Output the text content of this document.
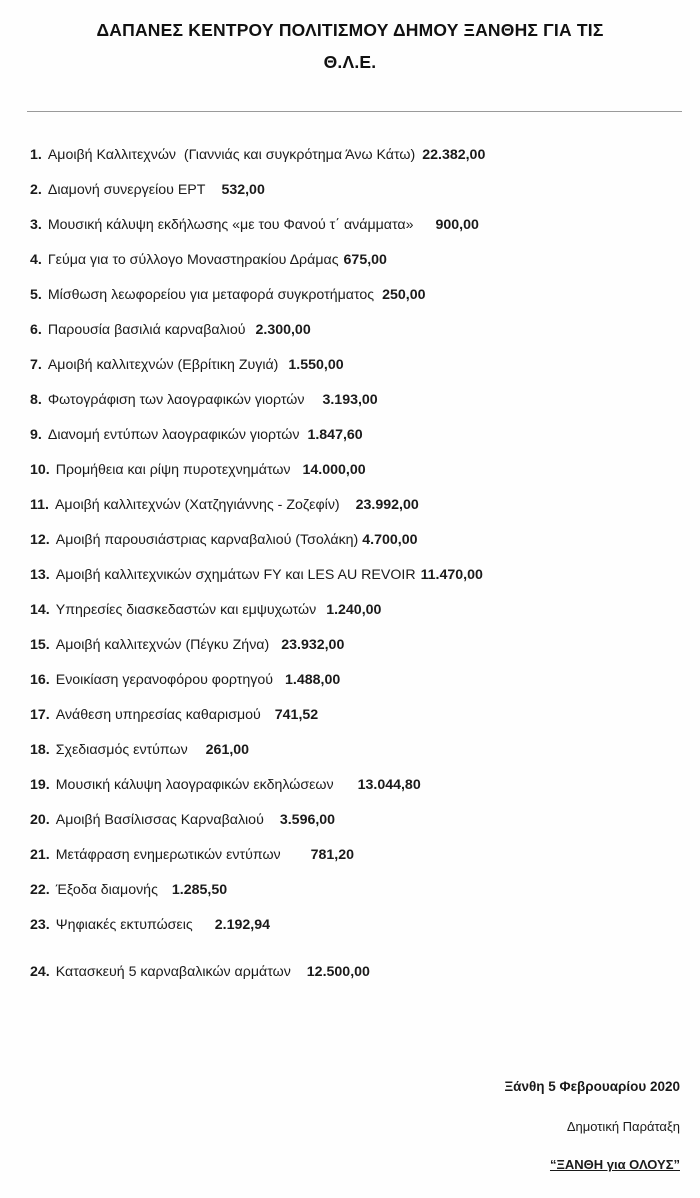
ΔΑΠΑΝΕΣ ΚΕΝΤΡΟΥ ΠΟΛΙΤΙΣΜΟΥ ΔΗΜΟΥ ΞΑΝΘΗΣ ΓΙΑ ΤΙΣ
Θ.Λ.Ε.
1. Αμοιβή Καλλιτεχνών  (Γιαννιάς και συγκρότημα Άνω Κάτω) 22.382,00
2. Διαμονή συνεργείου ΕΡΤ 532,00
3. Μουσική κάλυψη εκδήλωσης «με του Φανού τ΄ ανάμματα» 900,00
4. Γεύμα για το σύλλογο Μοναστηρακίου Δράμας 675,00
5. Μίσθωση λεωφορείου για μεταφορά συγκροτήματος 250,00
6. Παρουσία βασιλιά καρναβαλιού 2.300,00
7. Αμοιβή καλλιτεχνών (Εβρίτικη Ζυγιά) 1.550,00
8. Φωτογράφιση των λαογραφικών γιορτών 3.193,00
9. Διανομή εντύπων λαογραφικών γιορτών 1.847,60
10. Προμήθεια και ρίψη πυροτεχνημάτων 14.000,00
11. Αμοιβή καλλιτεχνών (Χατζηγιάννης - Ζοζεφίν) 23.992,00
12. Αμοιβή παρουσιάστριας καρναβαλιού (Τσολάκη) 4.700,00
13. Αμοιβή καλλιτεχνικών σχημάτων FY και LES AU REVOIR 11.470,00
14. Υπηρεσίες διασκεδαστών και εμψυχωτών 1.240,00
15. Αμοιβή καλλιτεχνών (Πέγκυ Ζήνα) 23.932,00
16. Ενοικίαση γερανοφόρου φορτηγού 1.488,00
17. Ανάθεση υπηρεσίας καθαρισμού 741,52
18. Σχεδιασμός εντύπων 261,00
19. Μουσική κάλυψη λαογραφικών εκδηλώσεων 13.044,80
20. Αμοιβή Βασίλισσας Καρναβαλιού 3.596,00
21. Μετάφραση ενημερωτικών εντύπων 781,20
22. Έξοδα διαμονής 1.285,50
23. Ψηφιακές εκτυπώσεις 2.192,94
24. Κατασκευή 5 καρναβαλικών αρμάτων 12.500,00
Ξάνθη 5 Φεβρουαρίου 2020
Δημοτική Παράταξη
“ΞΑΝΘΗ για ΟΛΟΥΣ”
